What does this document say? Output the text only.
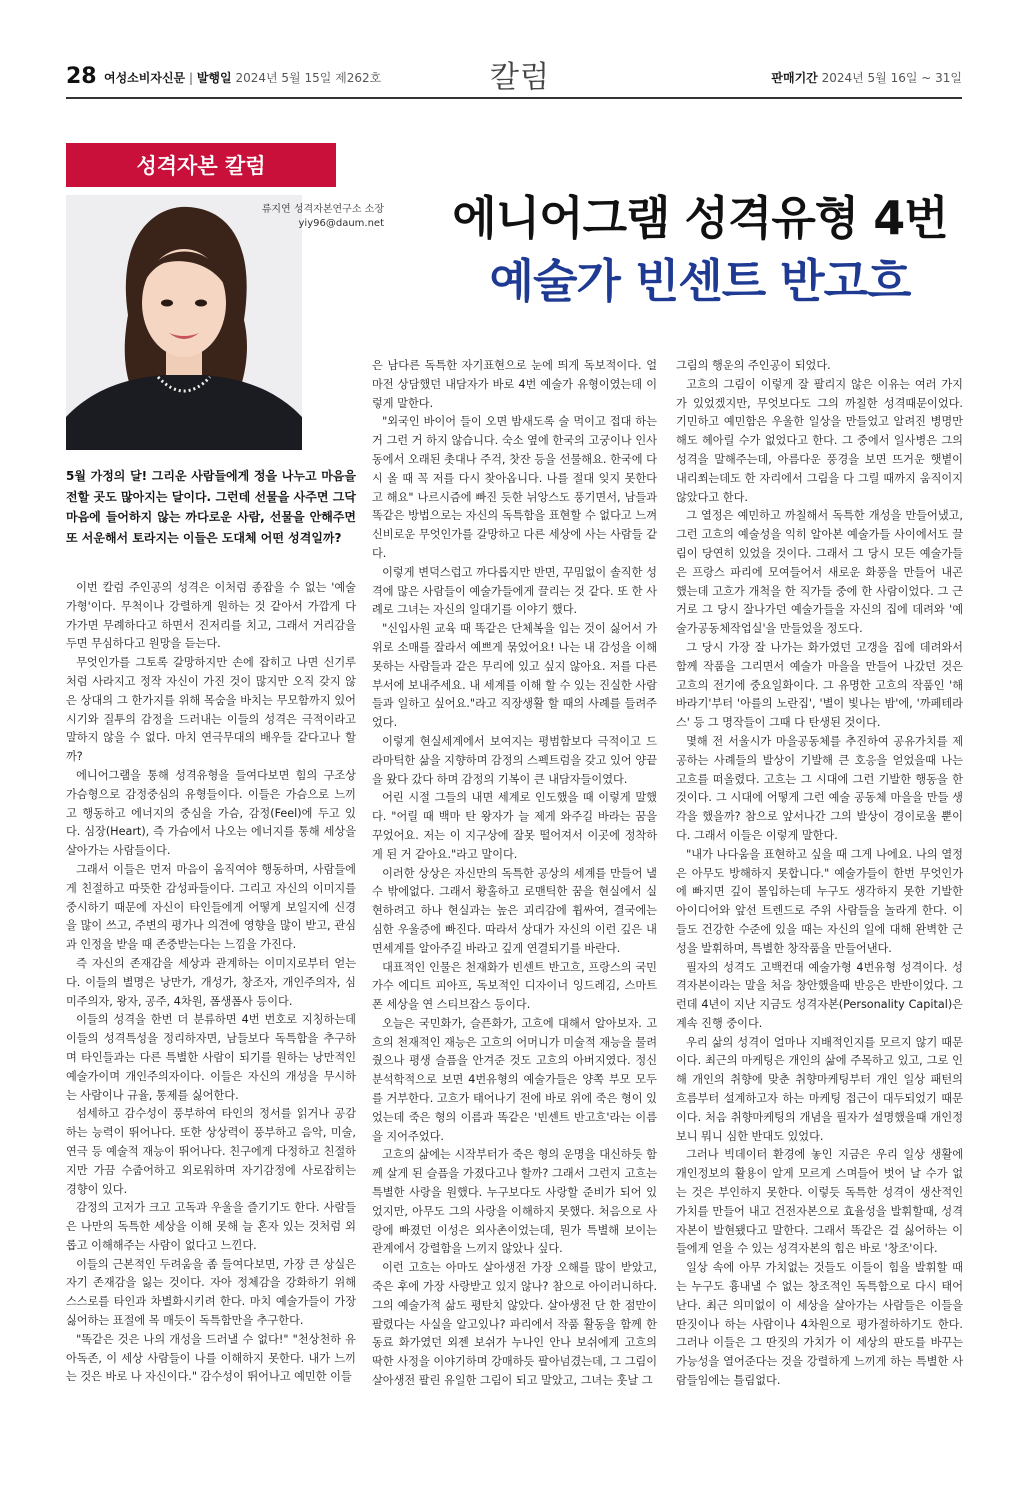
28 여성소비자신문 | 발행일 2024년 5월 15일 제262호	칼럼	판매기간 2024년 5월 16일 ~ 31일
성격자본 칼럼
류지연 성격자본연구소 소장
yiy96@daum.net	에니어그램 성격유형 4번
예술가 빈센트 반고흐
5월 가정의 달! 그리운 사람들에게 정을 나누고 마음을 전할 곳도 많아지는 달이다. 그런데 선물을 사주면 그닥 마음에 들어하지 않는 까다로운 사람, 선물을 안해주면 또 서운해서 토라지는 이들은 도대체 어떤 성격일까?

이번 칼럼 주인공의 성격은 이처럼 종잡을 수 없는 '예술가형'이다. 무척이나 강렬하게 원하는 것 같아서 가깝게 다가가면 무례하다고 하면서 진저리를 치고, 그래서 거리감을 두면 무심하다고 원망을 듣는다.

무엇인가를 그토록 갈망하지만 손에 잡히고 나면 신기루처럼 사라지고 정작 자신이 가진 것이 많지만 오직 갖지 않은 상대의 그 한가지를 위해 목숨을 바치는 무모함까지 있어 시기와 질투의 감정을 드러내는 이들의 성격은 극적이라고 말하지 않을 수 없다. 마치 연극무대의 배우들 같다고나 할까?

에니어그램을 통해 성격유형을 들여다보면 힘의 구조상 가슴형으로 감정중심의 유형들이다. 이들은 가슴으로 느끼고 행동하고 에너지의 중심을 가슴, 감정(Feel)에 두고 있다. 심장(Heart), 즉 가슴에서 나오는 에너지를 통해 세상을 살아가는 사람들이다.

그래서 이들은 먼저 마음이 움직여야 행동하며, 사람들에게 친절하고 따뜻한 감성파들이다. 그리고 자신의 이미지를 중시하기 때문에 자신이 타인들에게 어떻게 보일지에 신경을 많이 쓰고, 주변의 평가나 의견에 영향을 많이 받고, 관심과 인정을 받을 때 존중받는다는 느낌을 가진다.

즉 자신의 존재감을 세상과 관계하는 이미지로부터 얻는다. 이들의 별명은 낭만가, 개성가, 창조자, 개인주의자, 심미주의자, 왕자, 공주, 4차원, 폼생폼사 등이다.

이들의 성격을 한번 더 분류하면 4번 번호로 지칭하는데 이들의 성격특성을 정리하자면, 남들보다 독특함을 추구하며 타인들과는 다른 특별한 사람이 되기를 원하는 낭만적인 예술가이며 개인주의자이다. 이들은 자신의 개성을 무시하는 사람이나 규율, 통제를 싫어한다.

섬세하고 감수성이 풍부하여 타인의 정서를 읽거나 공감하는 능력이 뛰어나다. 또한 상상력이 풍부하고 음악, 미술, 연극 등 예술적 재능이 뛰어나다. 친구에게 다정하고 친절하지만 가끔 수줍어하고 외로워하며 자기감정에 사로잡히는 경향이 있다.

감정의 고저가 크고 고독과 우울을 즐기기도 한다. 사람들은 나만의 독특한 세상을 이해 못해 늘 혼자 있는 것처럼 외롭고 이해해주는 사람이 없다고 느낀다.

이들의 근본적인 두려움을 좀 들여다보면, 가장 큰 상실은 자기 존재감을 잃는 것이다. 자아 정체감을 강화하기 위해 스스로를 타인과 차별화시키려 한다. 마치 예술가들이 가장 싫어하는 표절에 목 매듯이 독특함만을 추구한다.

"똑같은 것은 나의 개성을 드러낼 수 없다!" "천상천하 유아독존, 이 세상 사람들이 나를 이해하지 못한다. 내가 느끼는 것은 바로 나 자신이다." 감수성이 뛰어나고 예민한 이들

은 남다른 독특한 자기표현으로 눈에 띄게 독보적이다. 얼마전 상담했던 내담자가 바로 4번 예술가 유형이였는데 이렇게 말한다.

"외국인 바이어 들이 오면 밤새도록 술 먹이고 접대 하는 거 그런 거 하지 않습니다. 숙소 옆에 한국의 고궁이나 인사동에서 오래된 촛대나 주걱, 찻잔 등을 선물해요. 한국에 다시 올 때 꼭 저를 다시 찾아옵니다. 나를 절대 잊지 못한다고 해요" 나르시즘에 빠진 듯한 뉘앙스도 풍기면서, 남들과 똑같은 방법으로는 자신의 독특함을 표현할 수 없다고 느껴 신비로운 무엇인가를 갈망하고 다른 세상에 사는 사람들 같다.

이렇게 변덕스럽고 까다롭지만 반면, 꾸밈없이 솔직한 성격에 많은 사람들이 예술가들에게 끌리는 것 같다. 또 한 사례로 그녀는 자신의 일대기를 이야기 했다.

"신입사원 교육 때 똑같은 단체복을 입는 것이 싫어서 가위로 소매를 잘라서 예쁘게 묶었어요! 나는 내 감성을 이해 못하는 사람들과 같은 무리에 있고 싶지 않아요. 저를 다른 부서에 보내주세요. 내 세계를 이해 할 수 있는 진실한 사람들과 일하고 싶어요."라고 직장생활 할 때의 사례를 들려주었다.

이렇게 현실세계에서 보여지는 평범함보다 극적이고 드라마틱한 삶을 지향하며 감정의 스펙트럼을 갖고 있어 양끝을 왔다 갔다 하며 감정의 기복이 큰 내담자들이였다.

어린 시절 그들의 내면 세계로 인도했을 때 이렇게 말했다. "어릴 때 백마 탄 왕자가 늘 제게 와주길 바라는 꿈을 꾸었어요. 저는 이 지구상에 잘못 떨어져서 이곳에 정착하게 된 거 같아요."라고 말이다.

이러한 상상은 자신만의 독특한 공상의 세계를 만들어 낼 수 밖에없다. 그래서 황홀하고 로맨틱한 꿈을 현실에서 실현하려고 하나 현실과는 높은 괴리감에 휩싸여, 결국에는 심한 우울증에 빠진다. 따라서 상대가 자신의 이런 깊은 내면세계를 알아주길 바라고 깊게 연결되기를 바란다.

대표적인 인물은 천재화가 빈센트 반고흐, 프랑스의 국민가수 에디트 피아프, 독보적인 디자이너 잉드레김, 스마트폰 세상을 연 스티브잡스 등이다.

오늘은 국민화가, 슬픈화가, 고흐에 대해서 알아보자. 고흐의 천재적인 재능은 고흐의 어머니가 미술적 재능을 물려줬으나 평생 슬픔을 안겨준 것도 고흐의 아버지였다. 정신분석학적으로 보면 4번유형의 예술가들은 양쪽 부모 모두를 거부한다. 고흐가 태어나기 전에 바로 위에 죽은 형이 있었는데 죽은 형의 이름과 똑같은 '빈센트 반고흐'라는 이름을 지어주었다.

고흐의 삶에는 시작부터가 죽은 형의 운명을 대신하듯 함께 살게 된 슬픔을 가졌다고나 할까? 그래서 그런지 고흐는 특별한 사랑을 원했다. 누구보다도 사랑할 준비가 되어 있었지만, 아무도 그의 사랑을 이해하지 못했다. 처음으로 사랑에 빠졌던 이성은 외사촌이었는데, 뭔가 특별해 보이는 관계에서 강렬함을 느끼지 않았나 싶다.

이런 고흐는 아마도 살아생전 가장 오해를 많이 받았고, 죽은 후에 가장 사랑받고 있지 않나? 참으로 아이러니하다. 그의 예술가적 삶도 평탄치 않았다. 살아생전 단 한 점만이 팔렸다는 사실을 알고있나? 파리에서 작품 활동을 함께 한 동료 화가였던 외젠 보쉬가 누나인 안나 보쉬에게 고흐의 딱한 사정을 이야기하며 강매하듯 팔아넘겼는데, 그 그림이 살아생전 팔린 유일한 그림이 되고 말았고, 그녀는 훗날 그

그림의 행운의 주인공이 되었다.

고흐의 그림이 이렇게 잘 팔리지 않은 이유는 여러 가지가 있었겠지만, 무엇보다도 그의 까칠한 성격때문이었다. 기민하고 예민함은 우울한 일상을 만들었고 알려진 병명만 해도 헤아릴 수가 없었다고 한다. 그 중에서 일사병은 그의 성격을 말해주는데, 아름다운 풍경을 보면 뜨거운 햇볕이 내리쬐는데도 한 자리에서 그림을 다 그릴 때까지 움직이지 않았다고 한다.

그 열정은 예민하고 까칠해서 독특한 개성을 만들어냈고, 그런 고흐의 예술성을 익히 알아본 예술가들 사이에서도 끌림이 당연히 있었을 것이다. 그래서 그 당시 모든 예술가들은 프랑스 파리에 모여들어서 새로운 화풍을 만들어 내곤 했는데 고흐가 개척을 한 직가들 중에 한 사람이었다. 그 근거로 그 당시 잘나가던 예술가들을 자신의 집에 데려와 '예술가공동체작업실'을 만들었을 정도다.

그 당시 가장 잘 나가는 화가였던 고갱을 집에 데려와서 함께 작품을 그리면서 예술가 마을을 만들어 나갔던 것은 고흐의 전기에 중요일화이다. 그 유명한 고흐의 작품인 '해바라기'부터 '아를의 노란집', '별이 빛나는 밤'에, '까페테라스' 등 그 명작들이 그때 다 탄생된 것이다.

몇해 전 서울시가 마을공동체를 추진하여 공유가치를 제공하는 사례들의 발상이 기발해 큰 호응을 얻었을때 나는 고흐를 떠올렸다. 고흐는 그 시대에 그런 기발한 행동을 한 것이다. 그 시대에 어떻게 그런 예술 공동체 마을을 만들 생각을 했을까? 참으로 앞서나간 그의 발상이 경이로울 뿐이다. 그래서 이들은 이렇게 말한다.

"내가 나다움을 표현하고 싶을 때 그게 나에요. 나의 열정은 아무도 방해하지 못합니다." 예술가들이 한번 무엇인가에 빠지면 깊이 몰입하는데 누구도 생각하지 못한 기발한 아이디어와 앞선 트렌드로 주위 사람들을 놀라게 한다. 이들도 건강한 수준에 있을 때는 자신의 일에 대해 완벽한 근성을 발휘하며, 특별한 창작품을 만들어낸다.

필자의 성격도 고백컨대 예술가형 4번유형 성격이다. 성격자본이라는 말을 처음 창안했을때 반응은 반반이었다. 그런데 4년이 지난 지금도 성격자본(Personality Capital)은 계속 진행 중이다.

우리 삶의 성격이 얼마나 지배적인지를 모르지 않기 때문이다. 최근의 마케팅은 개인의 삶에 주목하고 있고, 그로 인해 개인의 취향에 맞춘 취향마케팅부터 개인 일상 패턴의 흐름부터 설계하고자 하는 마케팅 접근이 대두되었기 때문이다. 처음 취향마케팅의 개념을 필자가 설명했을때 개인정보니 뭐니 심한 반대도 있었다.

그러나 빅데이터 환경에 놓인 지금은 우리 일상 생활에 개인정보의 활용이 알게 모르게 스며들어 벗어 날 수가 없는 것은 부인하지 못한다. 이렇듯 독특한 성격이 생산적인 가치를 만들어 내고 건전자본으로 효율성을 발휘할때, 성격자본이 발현됐다고 말한다. 그래서 똑같은 걸 싫어하는 이들에게 얻을 수 있는 성격자본의 힘은 바로 '창조'이다.

일상 속에 아무 가치없는 것들도 이들이 힘을 발휘할 때는 누구도 흉내낼 수 없는 창조적인 독특함으로 다시 태어난다. 최근 의미없이 이 세상을 살아가는 사람들은 이들을 딴짓이나 하는 사람이나 4차원으로 평가절하하기도 한다. 그러나 이들은 그 딴짓의 가치가 이 세상의 판도를 바꾸는 가능성을 열어준다는 것을 강렬하게 느끼게 하는 특별한 사람들임에는 틀림없다.
